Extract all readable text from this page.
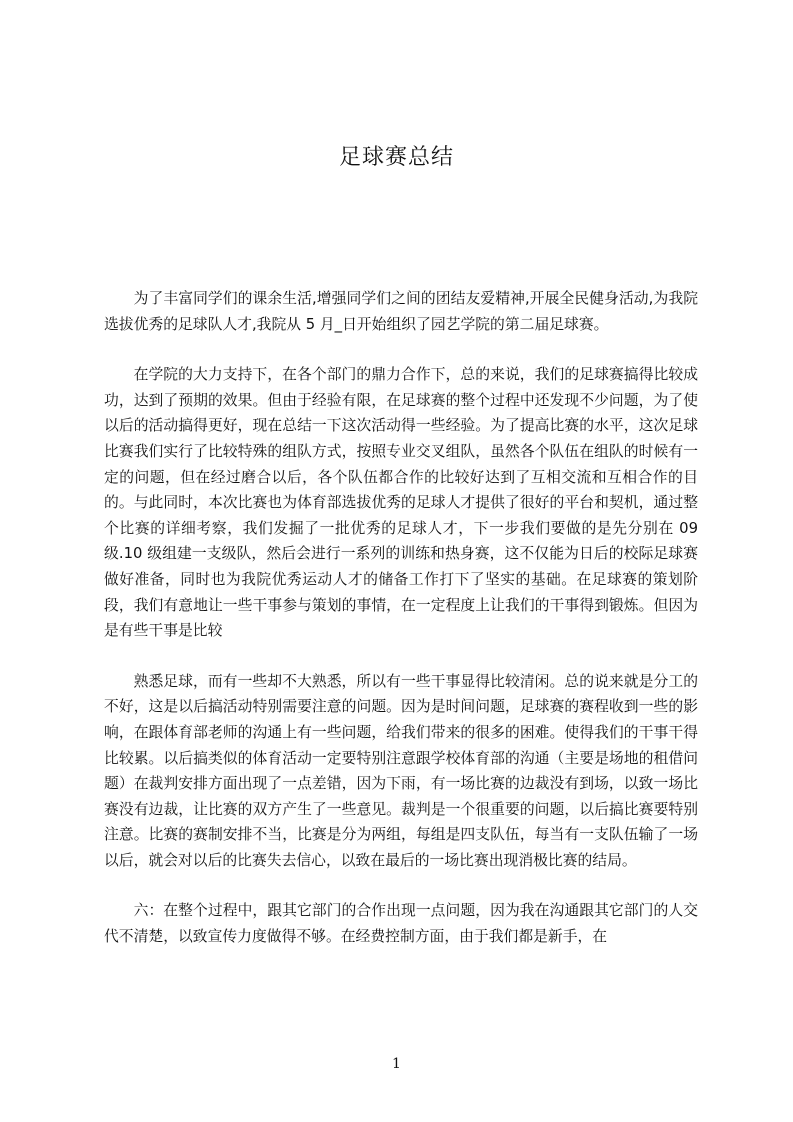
足球赛总结

为了丰富同学们的课余生活,增强同学们之间的团结友爱精神,开展全民健身活动,为我院选拔优秀的足球队人才,我院从 5 月_日开始组织了园艺学院的第二届足球赛。

在学院的大力支持下，在各个部门的鼎力合作下，总的来说，我们的足球赛搞得比较成功，达到了预期的效果。但由于经验有限，在足球赛的整个过程中还发现不少问题，为了使以后的活动搞得更好，现在总结一下这次活动得一些经验。为了提高比赛的水平，这次足球比赛我们实行了比较特殊的组队方式，按照专业交叉组队，虽然各个队伍在组队的时候有一定的问题，但在经过磨合以后，各个队伍都合作的比较好达到了互相交流和互相合作的目的。与此同时，本次比赛也为体育部选拔优秀的足球人才提供了很好的平台和契机，通过整个比赛的详细考察，我们发掘了一批优秀的足球人才，下一步我们要做的是先分别在 09 级.10 级组建一支级队，然后会进行一系列的训练和热身赛，这不仅能为日后的校际足球赛做好准备，同时也为我院优秀运动人才的储备工作打下了坚实的基础。在足球赛的策划阶段，我们有意地让一些干事参与策划的事情，在一定程度上让我们的干事得到锻炼。但因为是有些干事是比较

熟悉足球，而有一些却不大熟悉，所以有一些干事显得比较清闲。总的说来就是分工的不好，这是以后搞活动特别需要注意的问题。因为是时间问题，足球赛的赛程收到一些的影响，在跟体育部老师的沟通上有一些问题，给我们带来的很多的困难。使得我们的干事干得比较累。以后搞类似的体育活动一定要特别注意跟学校体育部的沟通（主要是场地的租借问题）在裁判安排方面出现了一点差错，因为下雨，有一场比赛的边裁没有到场，以致一场比赛没有边裁，让比赛的双方产生了一些意见。裁判是一个很重要的问题，以后搞比赛要特别注意。比赛的赛制安排不当，比赛是分为两组，每组是四支队伍，每当有一支队伍输了一场以后，就会对以后的比赛失去信心，以致在最后的一场比赛出现消极比赛的结局。

六：在整个过程中，跟其它部门的合作出现一点问题，因为我在沟通跟其它部门的人交代不清楚，以致宣传力度做得不够。在经费控制方面，由于我们都是新手，在

1
